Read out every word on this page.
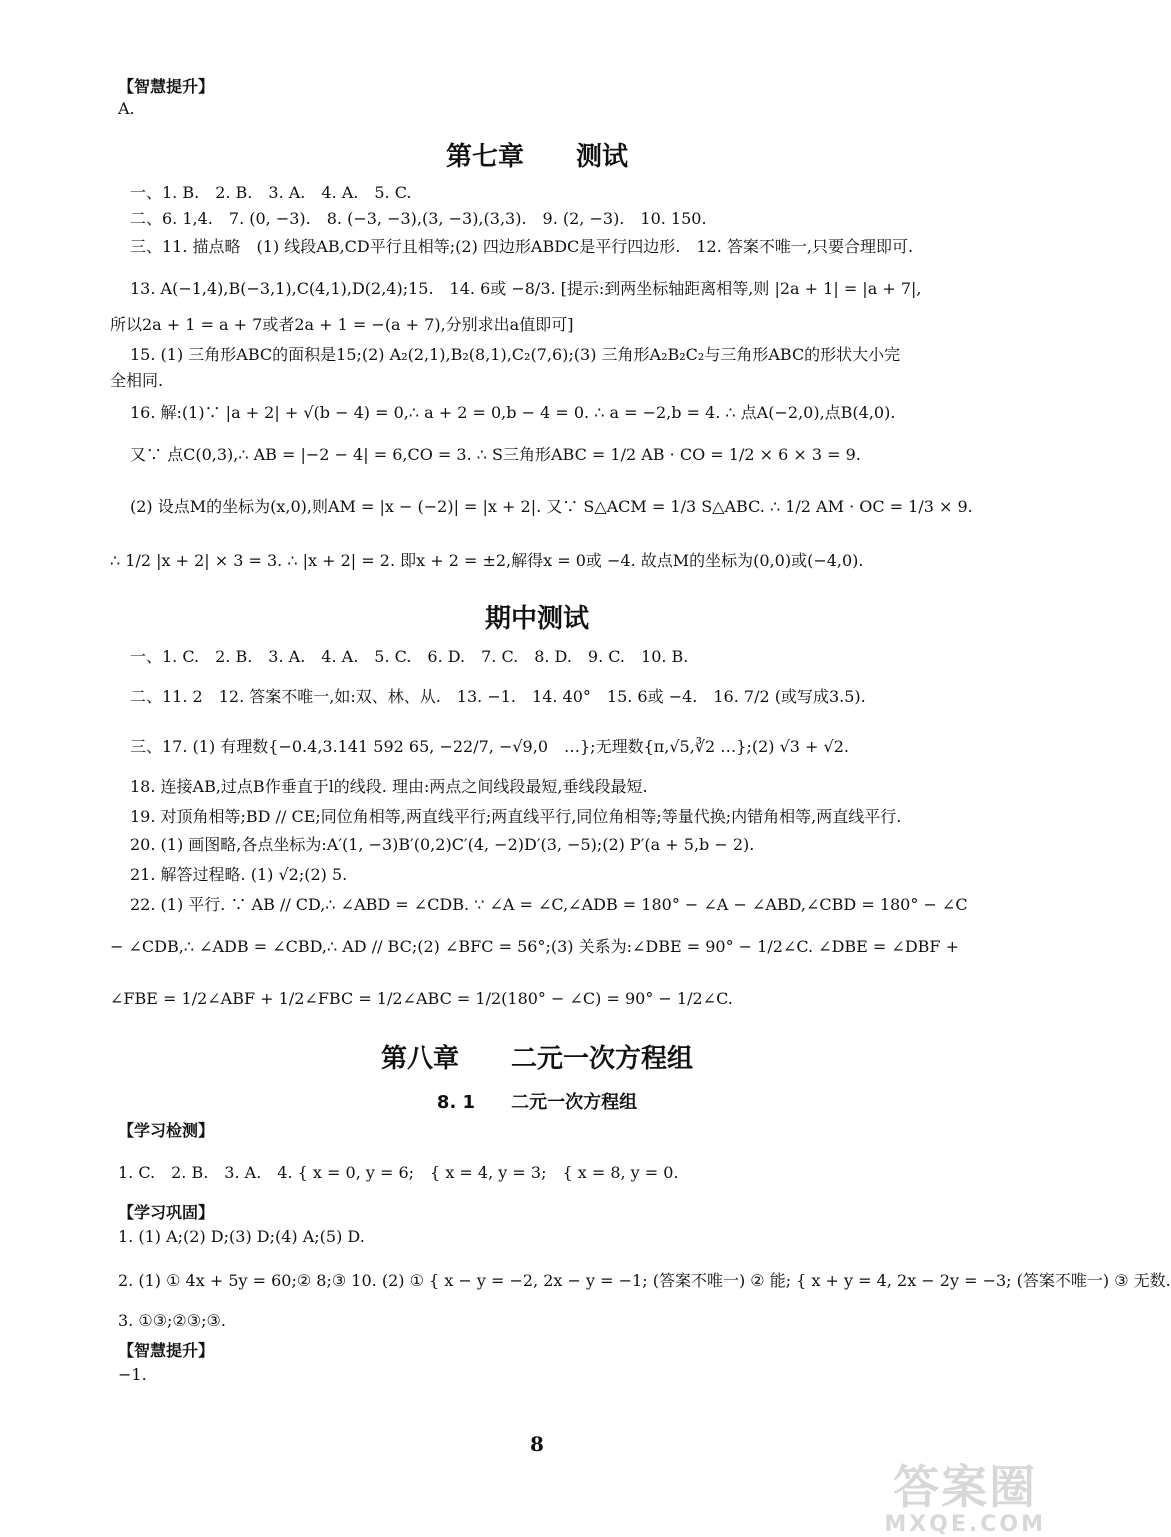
【智慧提升】
A.
第七章　　测试
一、1. B.　2. B.　3. A.　4. A.　5. C.
二、6. 1,4.　7. (0, −3).　8. (−3, −3),(3, −3),(3,3).　9. (2, −3).　10. 150.
三、11. 描点略　(1) 线段AB,CD平行且相等;(2) 四边形ABDC是平行四边形.　12. 答案不唯一,只要合理即可.
13. A(−1,4),B(−3,1),C(4,1),D(2,4);15.　14. 6或 −8/3. [提示:到两坐标轴距离相等,则 |2a + 1| = |a + 7|,
所以2a + 1 = a + 7或者2a + 1 = −(a + 7),分别求出a值即可]
15. (1) 三角形ABC的面积是15;(2) A₂(2,1),B₂(8,1),C₂(7,6);(3) 三角形A₂B₂C₂与三角形ABC的形状大小完
全相同.
16. 解:(1)∵ |a + 2| + √(b − 4) = 0,∴ a + 2 = 0,b − 4 = 0. ∴ a = −2,b = 4. ∴ 点A(−2,0),点B(4,0).
又∵ 点C(0,3),∴ AB = |−2 − 4| = 6,CO = 3. ∴ S三角形ABC = 1/2 AB · CO = 1/2 × 6 × 3 = 9.
(2) 设点M的坐标为(x,0),则AM = |x − (−2)| = |x + 2|. 又∵ S△ACM = 1/3 S△ABC. ∴ 1/2 AM · OC = 1/3 × 9.
∴ 1/2 |x + 2| × 3 = 3. ∴ |x + 2| = 2. 即x + 2 = ±2,解得x = 0或 −4. 故点M的坐标为(0,0)或(−4,0).
期中测试
一、1. C.　2. B.　3. A.　4. A.　5. C.　6. D.　7. C.　8. D.　9. C.　10. B.
二、11. 2　12. 答案不唯一,如:双、林、从.　13. −1.　14. 40°　15. 6或 −4.　16. 7/2 (或写成3.5).
三、17. (1) 有理数{−0.4,3.141 592 65, −22/7, −√9,0　…};无理数{π,√5,∛2 …};(2) √3 + √2.
18. 连接AB,过点B作垂直于l的线段. 理由:两点之间线段最短,垂线段最短.
19. 对顶角相等;BD // CE;同位角相等,两直线平行;两直线平行,同位角相等;等量代换;内错角相等,两直线平行.
20. (1) 画图略,各点坐标为:A′(1, −3)B′(0,2)C′(4, −2)D′(3, −5);(2) P′(a + 5,b − 2).
21. 解答过程略. (1) √2;(2) 5.
22. (1) 平行. ∵ AB // CD,∴ ∠ABD = ∠CDB. ∵ ∠A = ∠C,∠ADB = 180° − ∠A − ∠ABD,∠CBD = 180° − ∠C
− ∠CDB,∴ ∠ADB = ∠CBD,∴ AD // BC;(2) ∠BFC = 56°;(3) 关系为:∠DBE = 90° − 1/2∠C. ∠DBE = ∠DBF +
∠FBE = 1/2∠ABF + 1/2∠FBC = 1/2∠ABC = 1/2(180° − ∠C) = 90° − 1/2∠C.
第八章　　二元一次方程组
8. 1　　二元一次方程组
【学习检测】
1. C.　2. B.　3. A.　4. { x = 0, y = 6;　{ x = 4, y = 3;　{ x = 8, y = 0.
【学习巩固】
1. (1) A;(2) D;(3) D;(4) A;(5) D.
2. (1) ① 4x + 5y = 60;② 8;③ 10. (2) ① { x − y = −2, 2x − y = −1; (答案不唯一) ② 能; { x + y = 4, 2x − 2y = −3; (答案不唯一) ③ 无数.
3. ①③;②③;③.
【智慧提升】
−1.
8
答案圈
MXQE.COM
